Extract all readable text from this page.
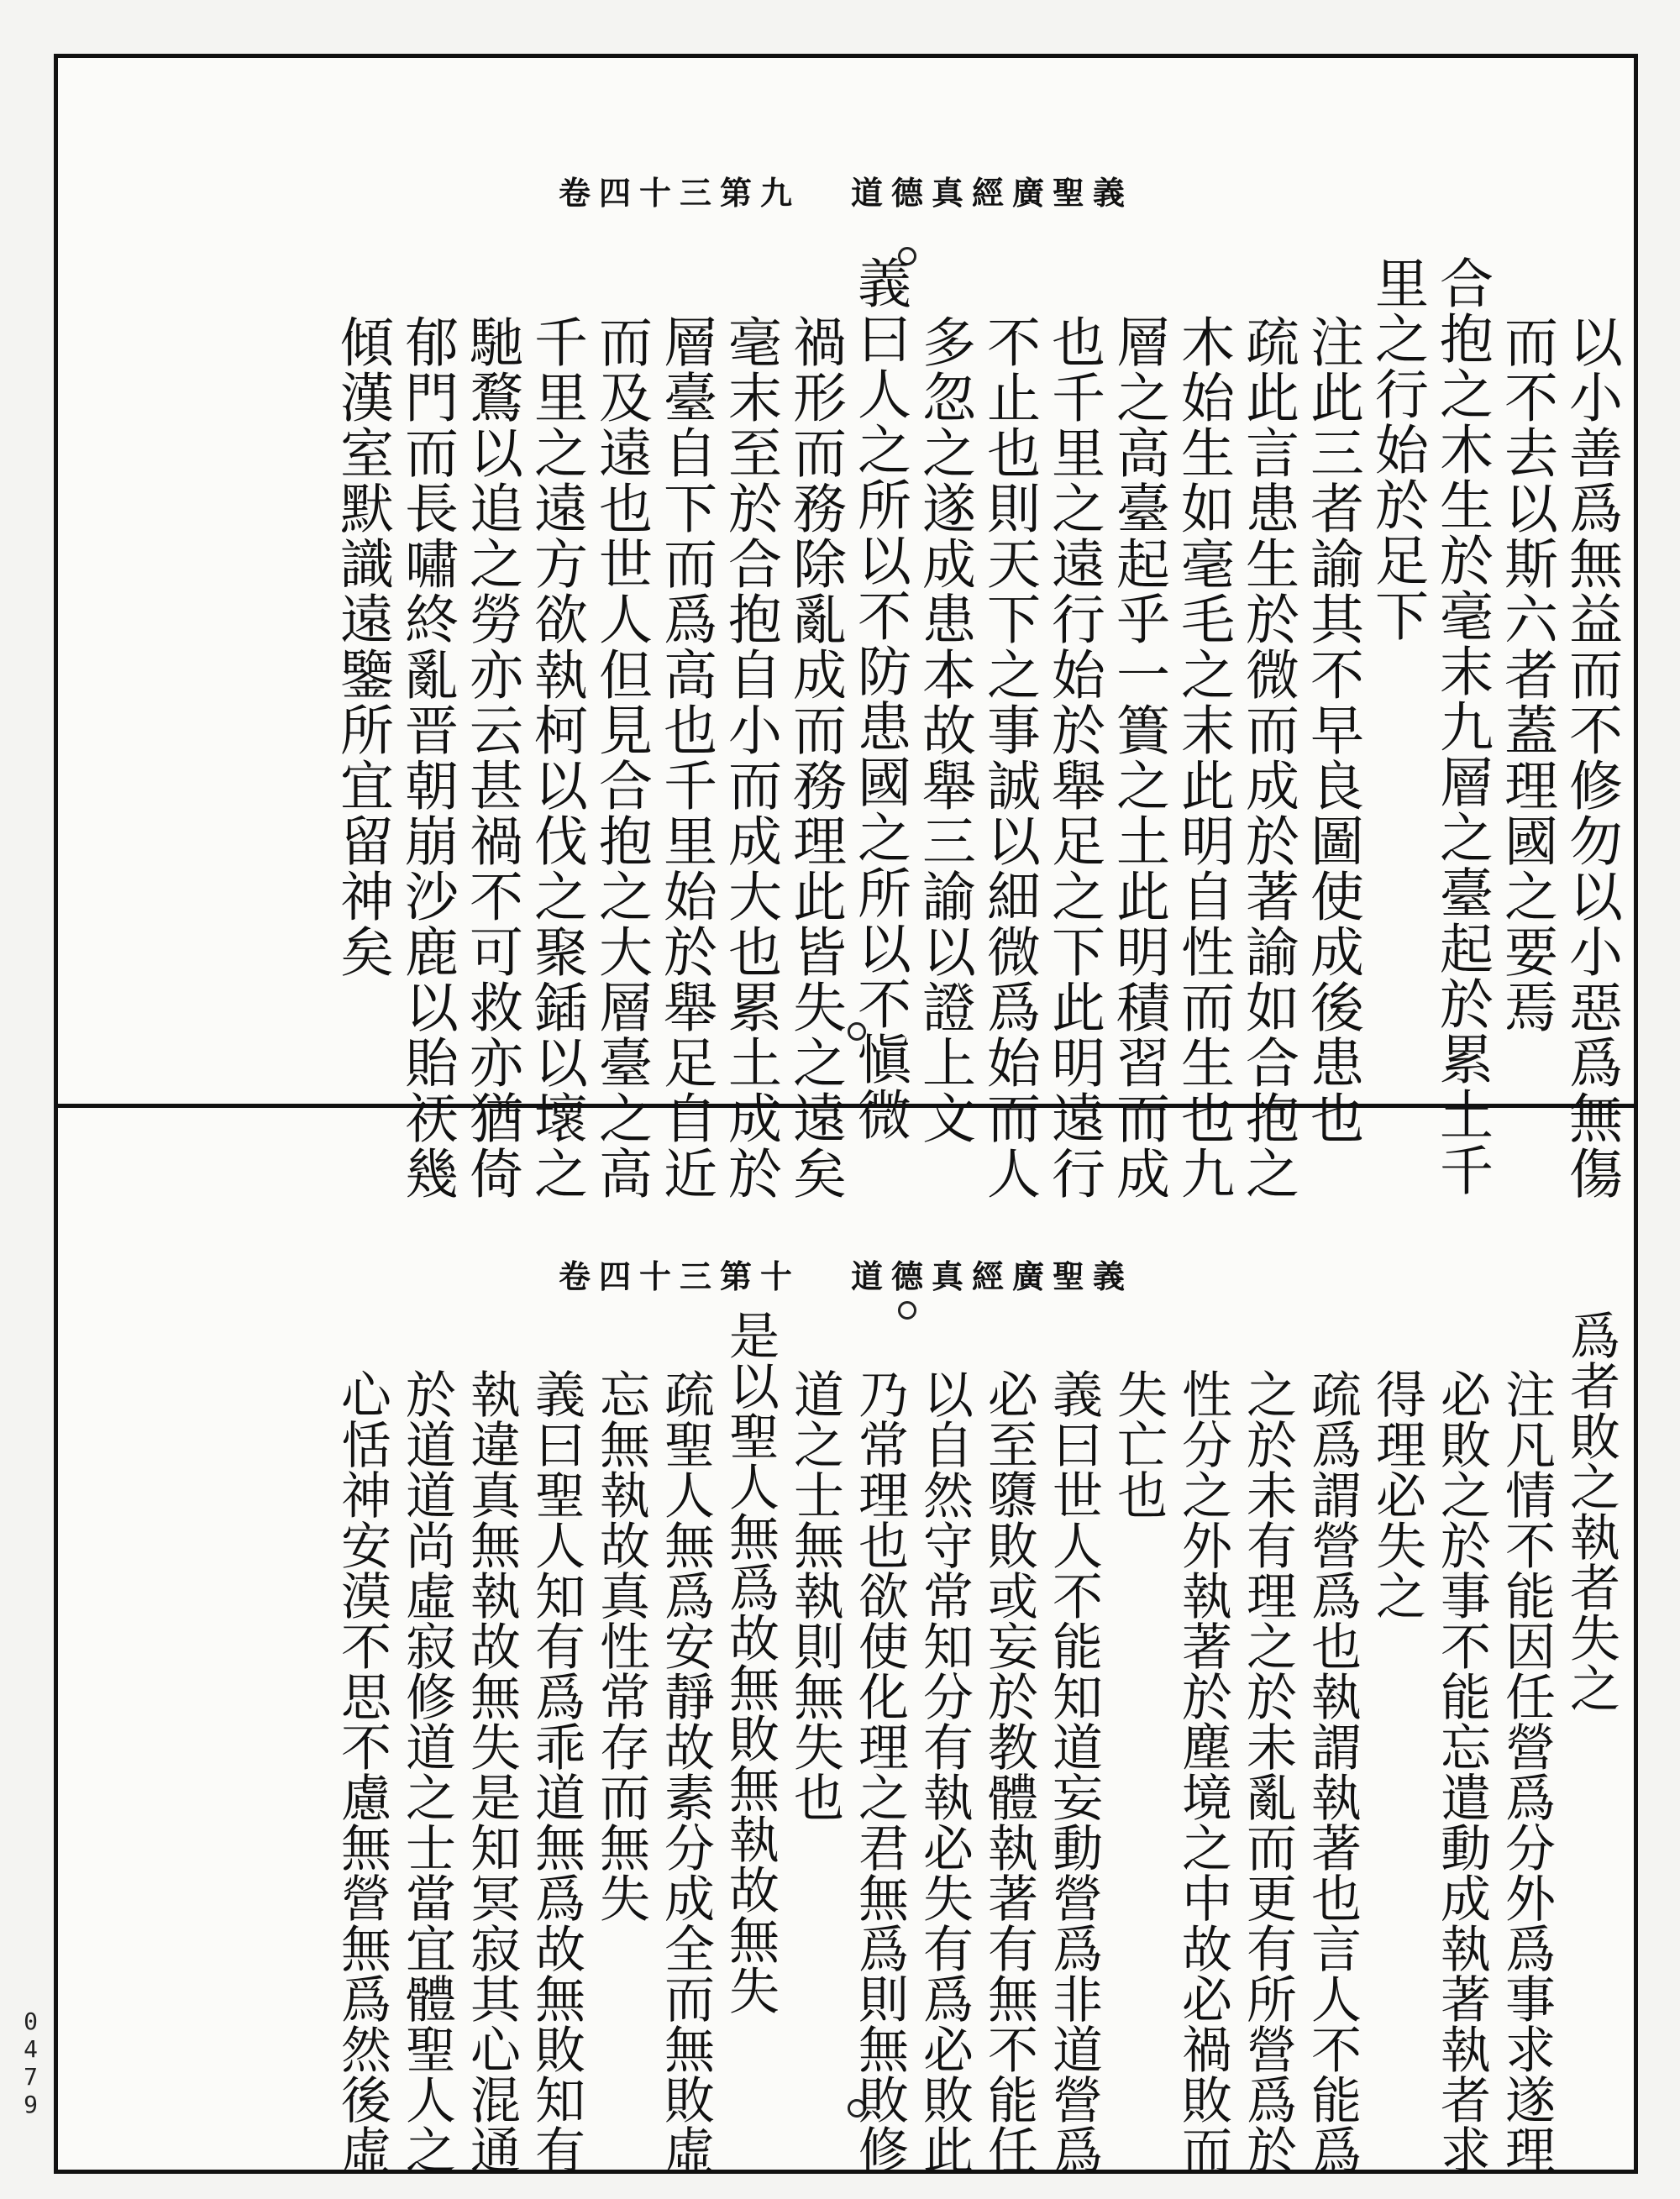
0479
卷四十三第九 道德真經廣聖義
以小善爲無益而不修勿以小惡爲無傷
而不去以斯六者蓋理國之要焉
合抱之木生於毫末九層之臺起於累土千
里之行始於足下
注此三者諭其不早良圖使成後患也
疏此言患生於微而成於著諭如合抱之
木始生如毫毛之末此明自性而生也九
層之高臺起乎一簣之土此明積習而成
也千里之遠行始於舉足之下此明遠行
不止也則天下之事誠以細微爲始而人
多忽之遂成患本故舉三諭以證上文
義曰人之所以不防患國之所以不愼微
禍形而務除亂成而務理此皆失之遠矣
毫末至於合抱自小而成大也累土成於
層臺自下而爲高也千里始於舉足自近
而及遠也世人但見合抱之大層臺之高
千里之遠方欲執柯以伐之聚鍤以壞之
馳鶩以追之勞亦云甚禍不可救亦猶倚
郁門而長嘯終亂晋朝崩沙鹿以貽祆幾
傾漢室默識遠鑒所宜留神矣
卷四十三第十 道德真經廣聖義
爲者敗之執者失之
注凡情不能因任營爲分外爲事求遂理
必敗之於事不能忘遣動成執著執者求
得理必失之
疏爲謂營爲也執謂執著也言人不能爲
之於未有理之於未亂而更有所營爲於
性分之外執著於塵境之中故必禍敗而
失亡也
義曰世人不能知道妄動營爲非道營爲
必至隳敗或妄於教體執著有無不能任
以自然守常知分有執必失有爲必敗此
乃常理也欲使化理之君無爲則無敗修
道之士無執則無失也
是以聖人無爲故無敗無執故無失
疏聖人無爲安靜故素分成全而無敗虛
忘無執故真性常存而無失
義曰聖人知有爲乖道無爲故無敗知有
執違真無執故無失是知冥寂其心混通
於道道尚虛寂修道之士當宜體聖人之
心恬神安漠不思不慮無營無爲然後虛
